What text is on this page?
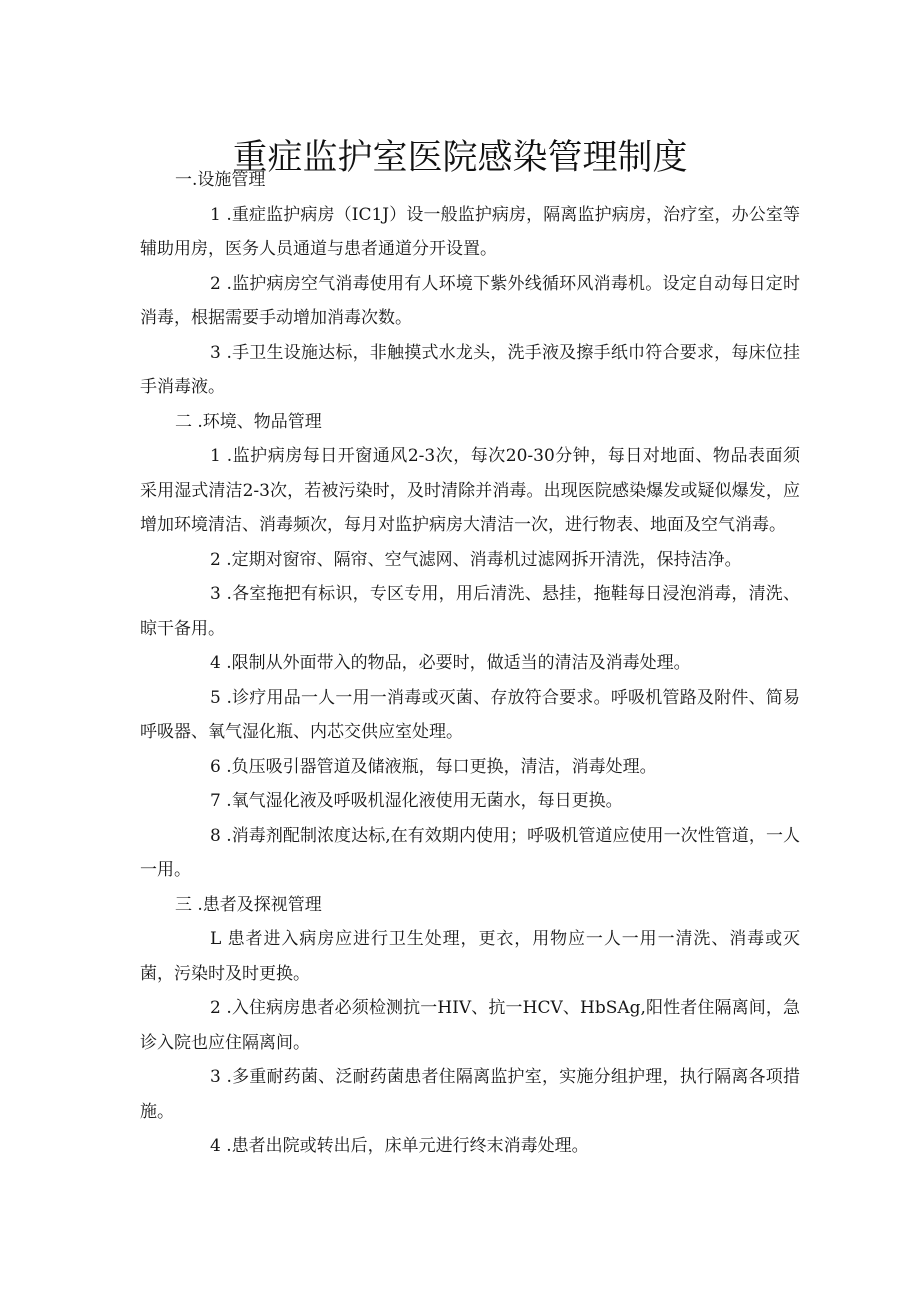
重症监护室医院感染管理制度

一.设施管理

1 .重症监护病房（IC1J）设一般监护病房，隔离监护病房，治疗室，办公室等辅助用房，医务人员通道与患者通道分开设置。

2 .监护病房空气消毒使用有人环境下紫外线循环风消毒机。设定自动每日定时消毒，根据需要手动增加消毒次数。

3 .手卫生设施达标，非触摸式水龙头，洗手液及擦手纸巾符合要求，每床位挂手消毒液。

二 .环境、物品管理

1 .监护病房每日开窗通风2-3次，每次20-30分钟，每日对地面、物品表面须采用湿式清洁2-3次，若被污染时，及时清除并消毒。出现医院感染爆发或疑似爆发，应增加环境清洁、消毒频次，每月对监护病房大清洁一次，进行物表、地面及空气消毒。

2 .定期对窗帘、隔帘、空气滤网、消毒机过滤网拆开清洗，保持洁净。

3 .各室拖把有标识，专区专用，用后清洗、悬挂，拖鞋每日浸泡消毒，清洗、晾干备用。

4 .限制从外面带入的物品，必要时，做适当的清洁及消毒处理。

5 .诊疗用品一人一用一消毒或灭菌、存放符合要求。呼吸机管路及附件、简易呼吸器、氧气湿化瓶、内芯交供应室处理。

6 .负压吸引器管道及储液瓶，每口更换，清洁，消毒处理。

7 .氧气湿化液及呼吸机湿化液使用无菌水，每日更换。

8 .消毒剂配制浓度达标,在有效期内使用；呼吸机管道应使用一次性管道，一人一用。

三 .患者及探视管理

L 患者进入病房应进行卫生处理，更衣，用物应一人一用一清洗、消毒或灭菌，污染时及时更换。

2 .入住病房患者必须检测抗一HIV、抗一HCV、HbSAg,阳性者住隔离间，急诊入院也应住隔离间。

3 .多重耐药菌、泛耐药菌患者住隔离监护室，实施分组护理，执行隔离各项措施。

4 .患者出院或转出后，床单元进行终末消毒处理。
